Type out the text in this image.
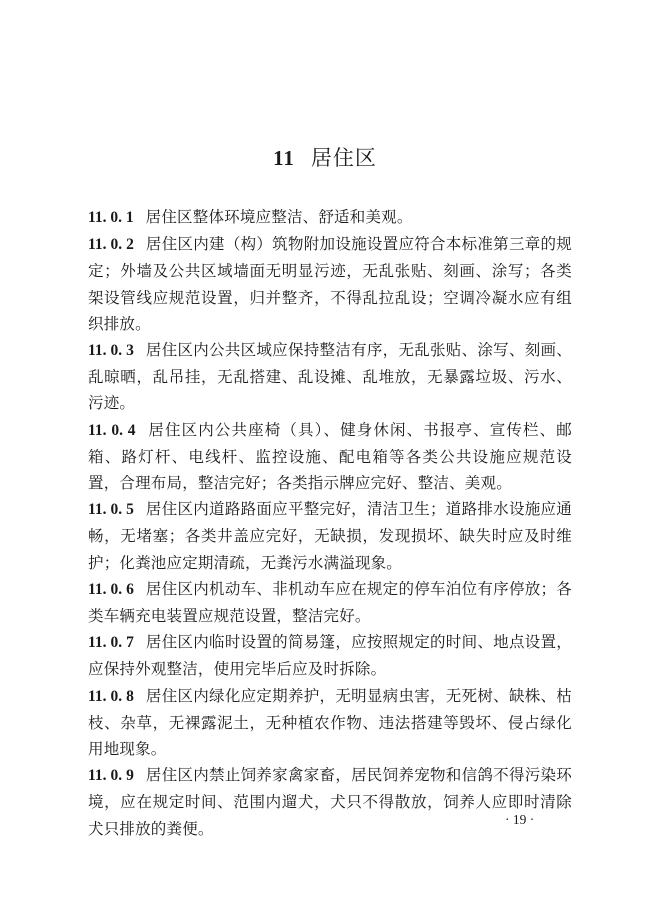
11 居住区

11. 0. 1 居住区整体环境应整洁、舒适和美观。

11. 0. 2 居住区内建（构）筑物附加设施设置应符合本标准第三章的规定；外墙及公共区域墙面无明显污迹，无乱张贴、刻画、涂写；各类架设管线应规范设置，归并整齐，不得乱拉乱设；空调冷凝水应有组织排放。

11. 0. 3 居住区内公共区域应保持整洁有序，无乱张贴、涂写、刻画、乱晾晒，乱吊挂，无乱搭建、乱设摊、乱堆放，无暴露垃圾、污水、污迹。

11. 0. 4 居住区内公共座椅（具）、健身休闲、书报亭、宣传栏、邮箱、路灯杆、电线杆、监控设施、配电箱等各类公共设施应规范设置，合理布局，整洁完好；各类指示牌应完好、整洁、美观。

11. 0. 5 居住区内道路路面应平整完好，清洁卫生；道路排水设施应通畅，无堵塞；各类井盖应完好，无缺损，发现损坏、缺失时应及时维护；化粪池应定期清疏，无粪污水满溢现象。

11. 0. 6 居住区内机动车、非机动车应在规定的停车泊位有序停放；各类车辆充电装置应规范设置，整洁完好。

11. 0. 7 居住区内临时设置的简易篷，应按照规定的时间、地点设置，应保持外观整洁，使用完毕后应及时拆除。

11. 0. 8 居住区内绿化应定期养护，无明显病虫害，无死树、缺株、枯枝、杂草，无裸露泥土，无种植农作物、违法搭建等毁坏、侵占绿化用地现象。

11. 0. 9 居住区内禁止饲养家禽家畜，居民饲养宠物和信鸽不得污染环境，应在规定时间、范围内遛犬，犬只不得散放，饲养人应即时清除犬只排放的粪便。

· 19 ·
